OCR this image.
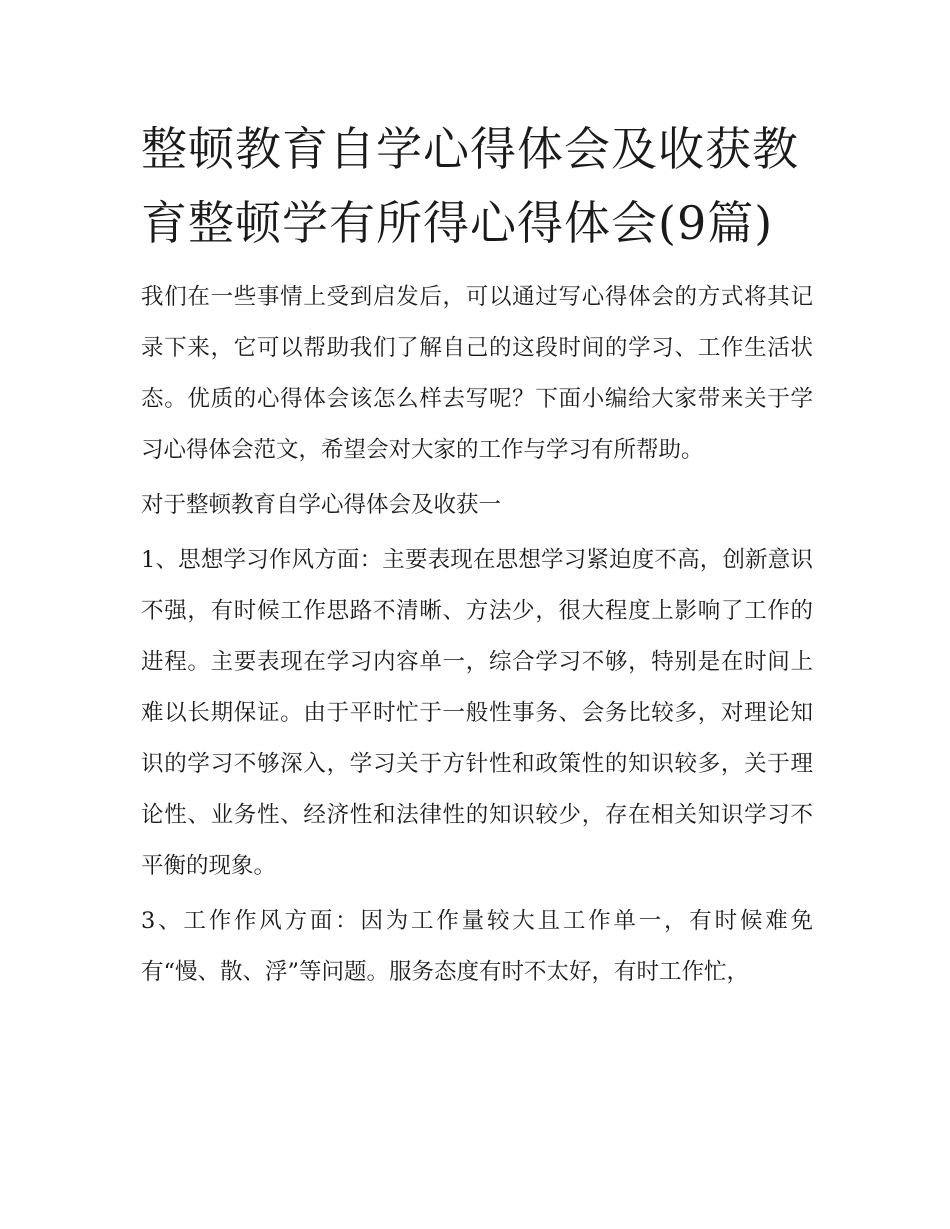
整顿教育自学心得体会及收获教育整顿学有所得心得体会(9篇)

我们在一些事情上受到启发后，可以通过写心得体会的方式将其记录下来，它可以帮助我们了解自己的这段时间的学习、工作生活状态。优质的心得体会该怎么样去写呢？下面小编给大家带来关于学习心得体会范文，希望会对大家的工作与学习有所帮助。

对于整顿教育自学心得体会及收获一

1、思想学习作风方面：主要表现在思想学习紧迫度不高，创新意识不强，有时候工作思路不清晰、方法少，很大程度上影响了工作的进程。主要表现在学习内容单一，综合学习不够，特别是在时间上难以长期保证。由于平时忙于一般性事务、会务比较多，对理论知识的学习不够深入，学习关于方针性和政策性的知识较多，关于理论性、业务性、经济性和法律性的知识较少，存在相关知识学习不平衡的现象。

3、工作作风方面：因为工作量较大且工作单一，有时候难免有“慢、散、浮”等问题。服务态度有时不太好，有时工作忙，
